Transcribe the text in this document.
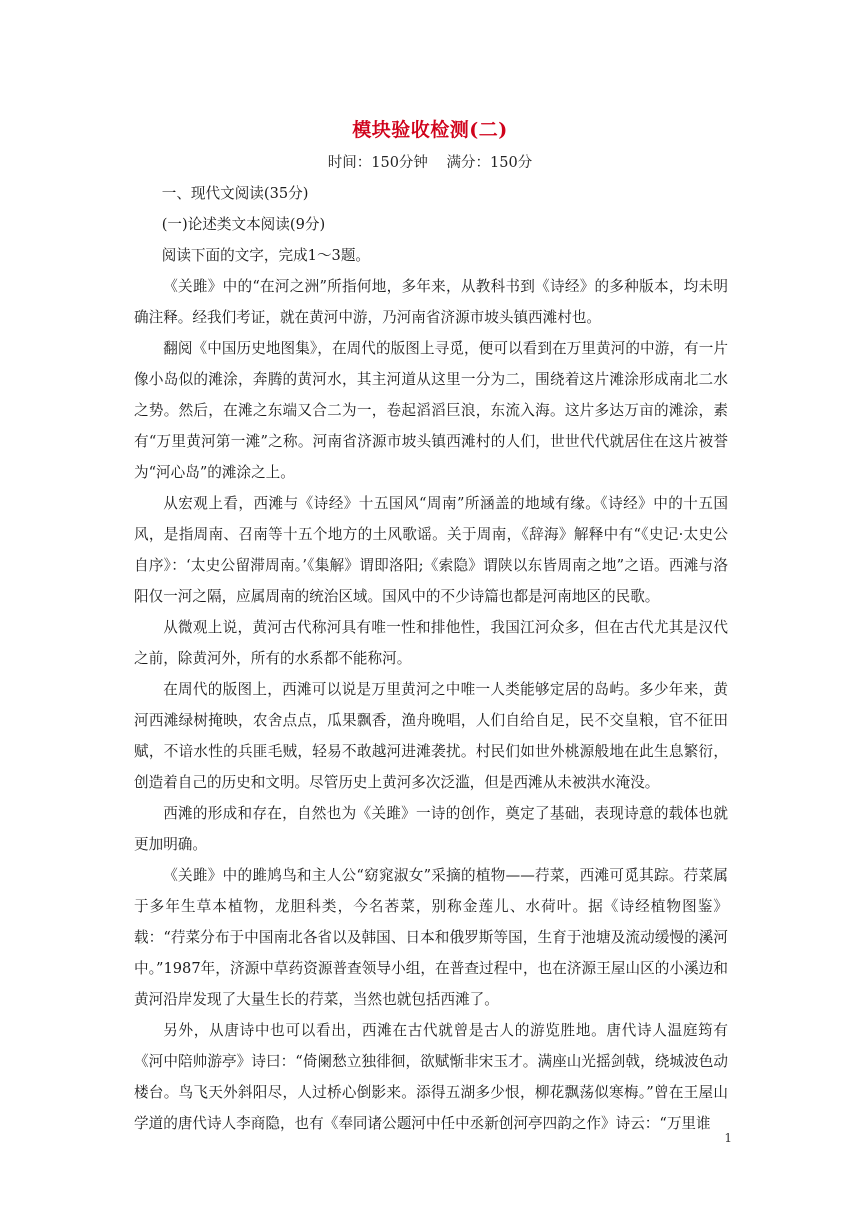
模块验收检测(二)
时间：150分钟 满分：150分

一、现代文阅读(35分)

(一)论述类文本阅读(9分)

阅读下面的文字，完成1～3题。

《关雎》中的“在河之洲”所指何地，多年来，从教科书到《诗经》的多种版本，均未明确注释。经我们考证，就在黄河中游，乃河南省济源市坡头镇西滩村也。

翻阅《中国历史地图集》，在周代的版图上寻觅，便可以看到在万里黄河的中游，有一片像小岛似的滩涂，奔腾的黄河水，其主河道从这里一分为二，围绕着这片滩涂形成南北二水之势。然后，在滩之东端又合二为一，卷起滔滔巨浪，东流入海。这片多达万亩的滩涂，素有“万里黄河第一滩”之称。河南省济源市坡头镇西滩村的人们，世世代代就居住在这片被誉为“河心岛”的滩涂之上。

从宏观上看，西滩与《诗经》十五国风“周南”所涵盖的地域有缘。《诗经》中的十五国风，是指周南、召南等十五个地方的土风歌谣。关于周南，《辞海》解释中有“《史记·太史公自序》：‘太史公留滞周南。’《集解》谓即洛阳;《索隐》谓陕以东皆周南之地”之语。西滩与洛阳仅一河之隔，应属周南的统治区域。国风中的不少诗篇也都是河南地区的民歌。

从微观上说，黄河古代称河具有唯一性和排他性，我国江河众多，但在古代尤其是汉代之前，除黄河外，所有的水系都不能称河。

在周代的版图上，西滩可以说是万里黄河之中唯一人类能够定居的岛屿。多少年来，黄河西滩绿树掩映，农舍点点，瓜果飘香，渔舟晚唱，人们自给自足，民不交皇粮，官不征田赋，不谙水性的兵匪毛贼，轻易不敢越河进滩袭扰。村民们如世外桃源般地在此生息繁衍，创造着自己的历史和文明。尽管历史上黄河多次泛滥，但是西滩从未被洪水淹没。

西滩的形成和存在，自然也为《关雎》一诗的创作，奠定了基础，表现诗意的载体也就更加明确。

《关雎》中的雎鸠鸟和主人公“窈窕淑女”采摘的植物——荇菜，西滩可觅其踪。荇菜属于多年生草本植物，龙胆科类，今名莕菜，别称金莲儿、水荷叶。据《诗经植物图鉴》载：“荇菜分布于中国南北各省以及韩国、日本和俄罗斯等国，生育于池塘及流动缓慢的溪河中。”1987年，济源中草药资源普查领导小组，在普查过程中，也在济源王屋山区的小溪边和黄河沿岸发现了大量生长的荇菜，当然也就包括西滩了。

另外，从唐诗中也可以看出，西滩在古代就曾是古人的游览胜地。唐代诗人温庭筠有《河中陪帅游亭》诗曰：“倚阑愁立独徘徊，欲赋惭非宋玉才。满座山光摇剑戟，绕城波色动楼台。鸟飞天外斜阳尽，人过桥心倒影来。添得五湖多少恨，柳花飘荡似寒梅。”曾在王屋山学道的唐代诗人李商隐，也有《奉同诸公题河中任中丞新创河亭四韵之作》诗云：“万里谁

1
